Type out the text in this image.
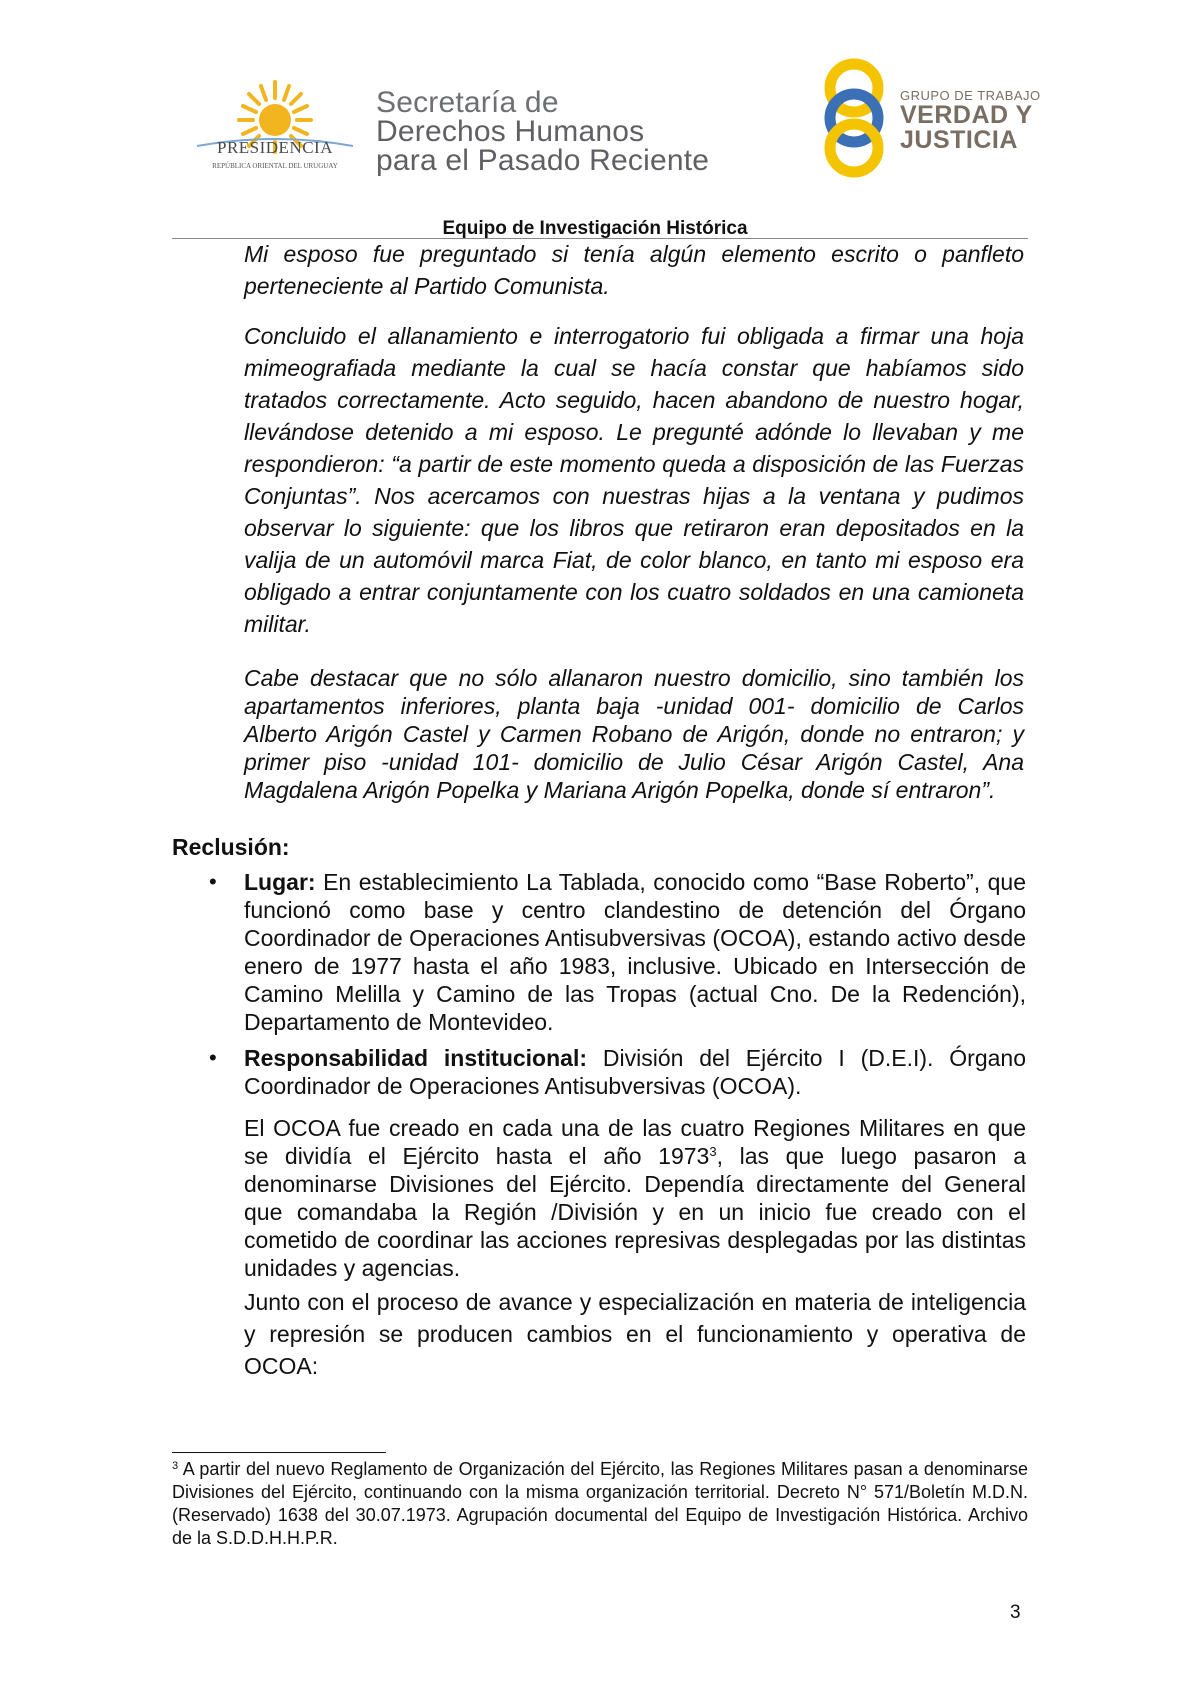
PRESIDENCIA
REPÚBLICA ORIENTAL DEL URUGUAY
Secretaría de
Derechos Humanos
para el Pasado Reciente
GRUPO DE TRABAJO
VERDAD Y
JUSTICIA
Equipo de Investigación Histórica
Mi esposo fue preguntado si tenía algún elemento escrito o panfleto perteneciente al Partido Comunista.
Concluido el allanamiento e interrogatorio fui obligada a firmar una hoja mimeografiada mediante la cual se hacía constar que habíamos sido tratados correctamente. Acto seguido, hacen abandono de nuestro hogar, llevándose detenido a mi esposo. Le pregunté adónde lo llevaban y me respondieron: “a partir de este momento queda a disposición de las Fuerzas Conjuntas”. Nos acercamos con nuestras hijas a la ventana y pudimos observar lo siguiente: que los libros que retiraron eran depositados en la valija de un automóvil marca Fiat, de color blanco, en tanto mi esposo era obligado a entrar conjuntamente con los cuatro soldados en una camioneta militar.
Cabe destacar que no sólo allanaron nuestro domicilio, sino también los apartamentos inferiores, planta baja -unidad 001- domicilio de Carlos Alberto Arigón Castel y Carmen Robano de Arigón, donde no entraron; y primer piso -unidad 101- domicilio de Julio César Arigón Castel, Ana Magdalena Arigón Popelka y Mariana Arigón Popelka, donde sí entraron”.
Reclusión:
• Lugar: En establecimiento La Tablada, conocido como “Base Roberto”, que funcionó como base y centro clandestino de detención del Órgano Coordinador de Operaciones Antisubversivas (OCOA), estando activo desde enero de 1977 hasta el año 1983, inclusive. Ubicado en Intersección de Camino Melilla y Camino de las Tropas (actual Cno. De la Redención), Departamento de Montevideo.
• Responsabilidad institucional: División del Ejército I (D.E.I). Órgano Coordinador de Operaciones Antisubversivas (OCOA).
El OCOA fue creado en cada una de las cuatro Regiones Militares en que se dividía el Ejército hasta el año 1973$^3$, las que luego pasaron a denominarse Divisiones del Ejército. Dependía directamente del General que comandaba la Región /División y en un inicio fue creado con el cometido de coordinar las acciones represivas desplegadas por las distintas unidades y agencias.
Junto con el proceso de avance y especialización en materia de inteligencia y represión se producen cambios en el funcionamiento y operativa de OCOA:
$^3$ A partir del nuevo Reglamento de Organización del Ejército, las Regiones Militares pasan a denominarse Divisiones del Ejército, continuando con la misma organización territorial. Decreto N° 571/Boletín M.D.N. (Reservado) 1638 del 30.07.1973. Agrupación documental del Equipo de Investigación Histórica. Archivo de la S.D.D.H.H.P.R.
3
